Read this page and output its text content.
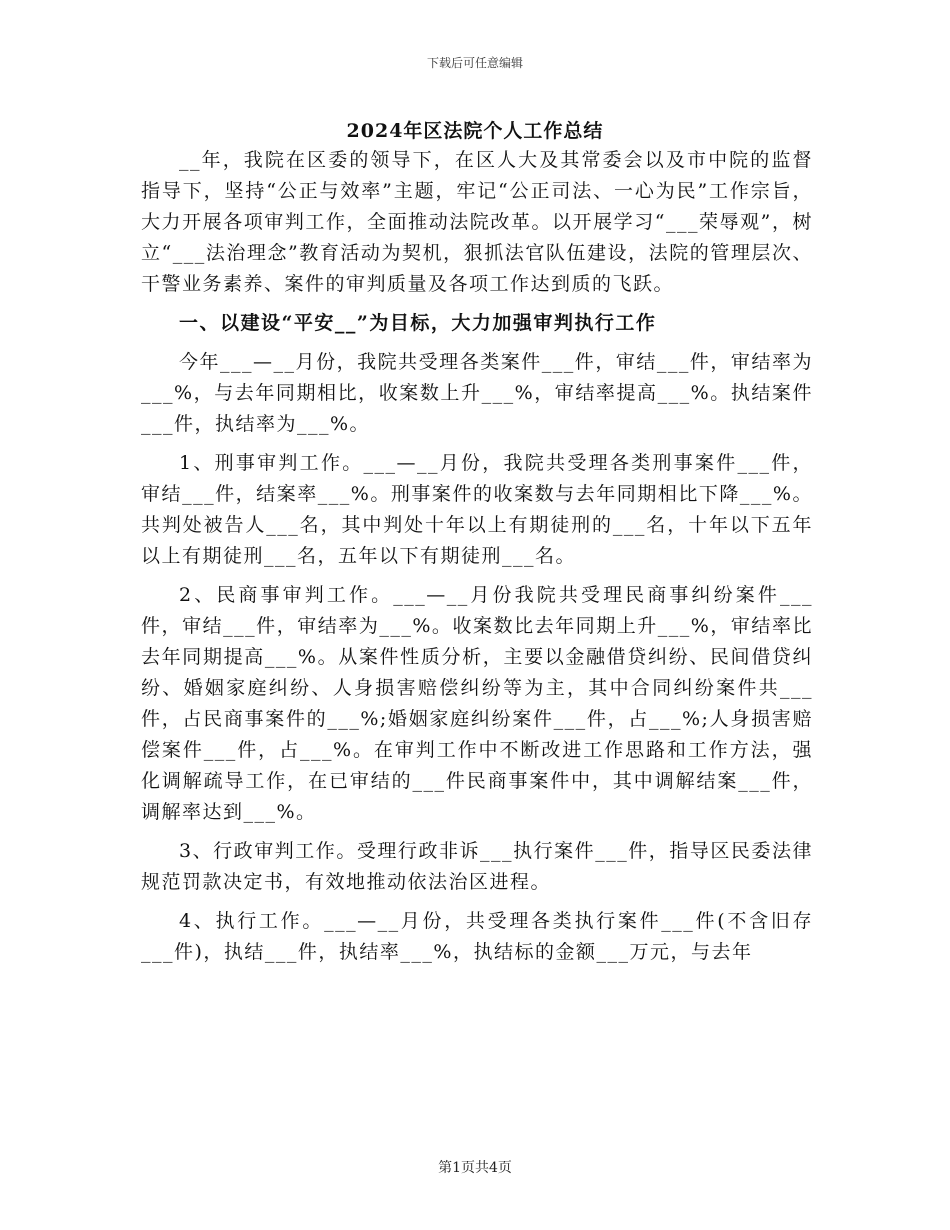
下载后可任意编辑
2024年区法院个人工作总结

__年，我院在区委的领导下，在区人大及其常委会以及市中院的监督指导下，坚持“公正与效率”主题，牢记“公正司法、一心为民”工作宗旨，大力开展各项审判工作，全面推动法院改革。以开展学习“___荣辱观”，树立“___法治理念”教育活动为契机，狠抓法官队伍建设，法院的管理层次、干警业务素养、案件的审判质量及各项工作达到质的飞跃。

一、以建设“平安__”为目标，大力加强审判执行工作

今年___—__月份，我院共受理各类案件___件，审结___件，审结率为___%，与去年同期相比，收案数上升___%，审结率提高___%。执结案件___件，执结率为___%。

1、刑事审判工作。___—__月份，我院共受理各类刑事案件___件，审结___件，结案率___%。刑事案件的收案数与去年同期相比下降___%。共判处被告人___名，其中判处十年以上有期徒刑的___名，十年以下五年以上有期徒刑___名，五年以下有期徒刑___名。

2、民商事审判工作。___—__月份我院共受理民商事纠纷案件___件，审结___件，审结率为___%。收案数比去年同期上升___%，审结率比去年同期提高___%。从案件性质分析，主要以金融借贷纠纷、民间借贷纠纷、婚姻家庭纠纷、人身损害赔偿纠纷等为主，其中合同纠纷案件共___件，占民商事案件的___%;婚姻家庭纠纷案件___件，占___%;人身损害赔偿案件___件，占___%。在审判工作中不断改进工作思路和工作方法，强化调解疏导工作，在已审结的___件民商事案件中，其中调解结案___件，调解率达到___%。

3、行政审判工作。受理行政非诉___执行案件___件，指导区民委法律规范罚款决定书，有效地推动依法治区进程。

4、执行工作。___—__月份，共受理各类执行案件___件(不含旧存___件)，执结___件，执结率___%，执结标的金额___万元，与去年

第1页共4页
